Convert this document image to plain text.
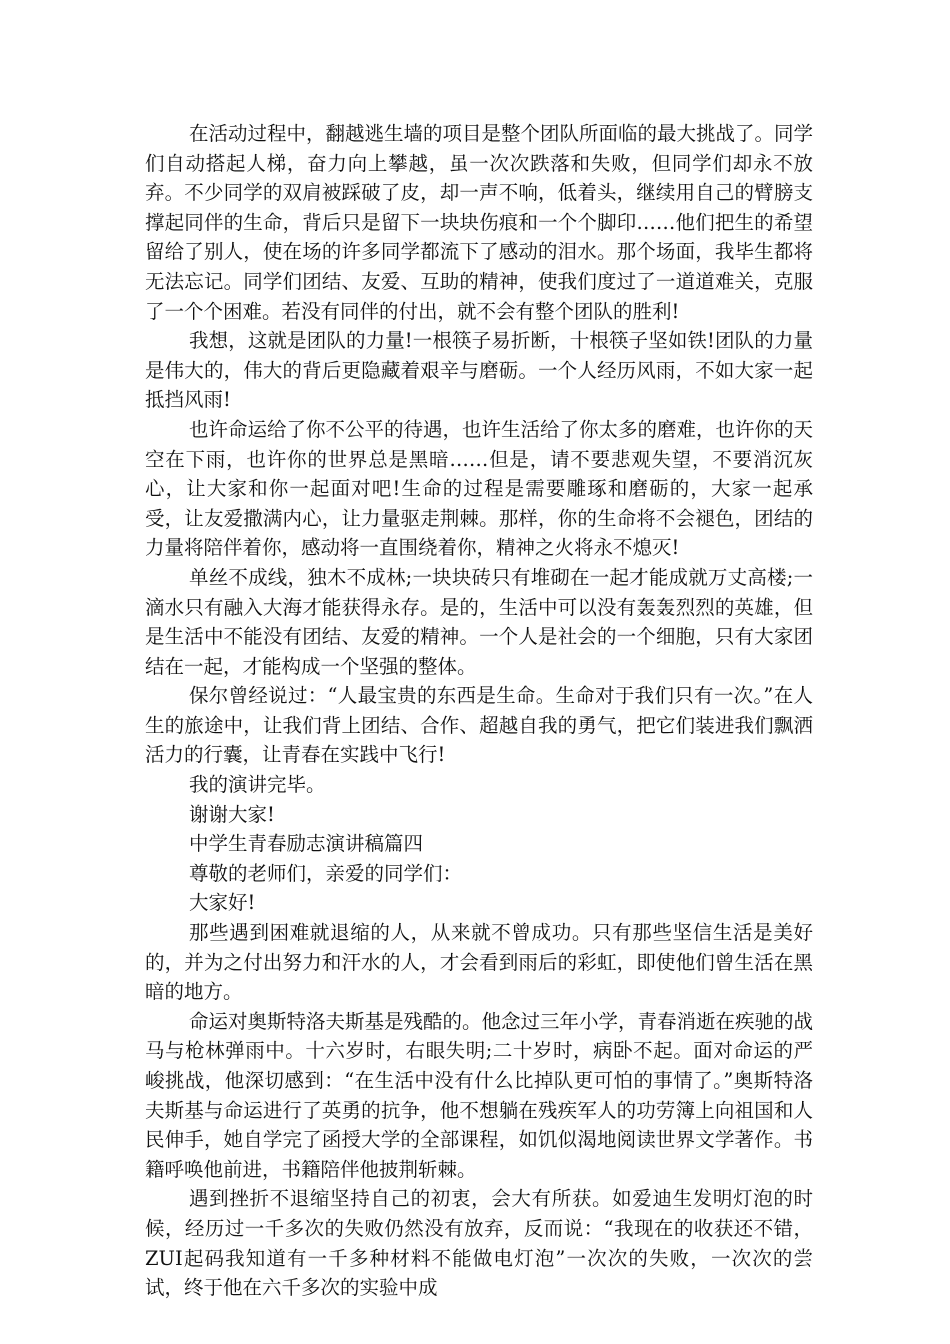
在活动过程中，翻越逃生墙的项目是整个团队所面临的最大挑战了。同学们自动搭起人梯，奋力向上攀越，虽一次次跌落和失败，但同学们却永不放弃。不少同学的双肩被踩破了皮，却一声不响，低着头，继续用自己的臂膀支撑起同伴的生命，背后只是留下一块块伤痕和一个个脚印……他们把生的希望留给了别人，使在场的许多同学都流下了感动的泪水。那个场面，我毕生都将无法忘记。同学们团结、友爱、互助的精神，使我们度过了一道道难关，克服了一个个困难。若没有同伴的付出，就不会有整个团队的胜利!

我想，这就是团队的力量!一根筷子易折断，十根筷子坚如铁!团队的力量是伟大的，伟大的背后更隐藏着艰辛与磨砺。一个人经历风雨，不如大家一起抵挡风雨!

也许命运给了你不公平的待遇，也许生活给了你太多的磨难，也许你的天空在下雨，也许你的世界总是黑暗……但是，请不要悲观失望，不要消沉灰心，让大家和你一起面对吧!生命的过程是需要雕琢和磨砺的，大家一起承受，让友爱撒满内心，让力量驱走荆棘。那样，你的生命将不会褪色，团结的力量将陪伴着你，感动将一直围绕着你，精神之火将永不熄灭!

单丝不成线，独木不成林;一块块砖只有堆砌在一起才能成就万丈高楼;一滴水只有融入大海才能获得永存。是的，生活中可以没有轰轰烈烈的英雄，但是生活中不能没有团结、友爱的精神。一个人是社会的一个细胞，只有大家团结在一起，才能构成一个坚强的整体。

保尔曾经说过：“人最宝贵的东西是生命。生命对于我们只有一次。”在人生的旅途中，让我们背上团结、合作、超越自我的勇气，把它们装进我们飘洒活力的行囊，让青春在实践中飞行!

我的演讲完毕。

谢谢大家!

中学生青春励志演讲稿篇四

尊敬的老师们，亲爱的同学们：

大家好!

那些遇到困难就退缩的人，从来就不曾成功。只有那些坚信生活是美好的，并为之付出努力和汗水的人，才会看到雨后的彩虹，即使他们曾生活在黑暗的地方。

命运对奥斯特洛夫斯基是残酷的。他念过三年小学，青春消逝在疾驰的战马与枪林弹雨中。十六岁时，右眼失明;二十岁时，病卧不起。面对命运的严峻挑战，他深切感到：“在生活中没有什么比掉队更可怕的事情了。”奥斯特洛夫斯基与命运进行了英勇的抗争，他不想躺在残疾军人的功劳簿上向祖国和人民伸手，她自学完了函授大学的全部课程，如饥似渴地阅读世界文学著作。书籍呼唤他前进，书籍陪伴他披荆斩棘。

遇到挫折不退缩坚持自己的初衷，会大有所获。如爱迪生发明灯泡的时候，经历过一千多次的失败仍然没有放弃，反而说：“我现在的收获还不错，ZUI起码我知道有一千多种材料不能做电灯泡”一次次的失败，一次次的尝试，终于他在六千多次的实验中成
